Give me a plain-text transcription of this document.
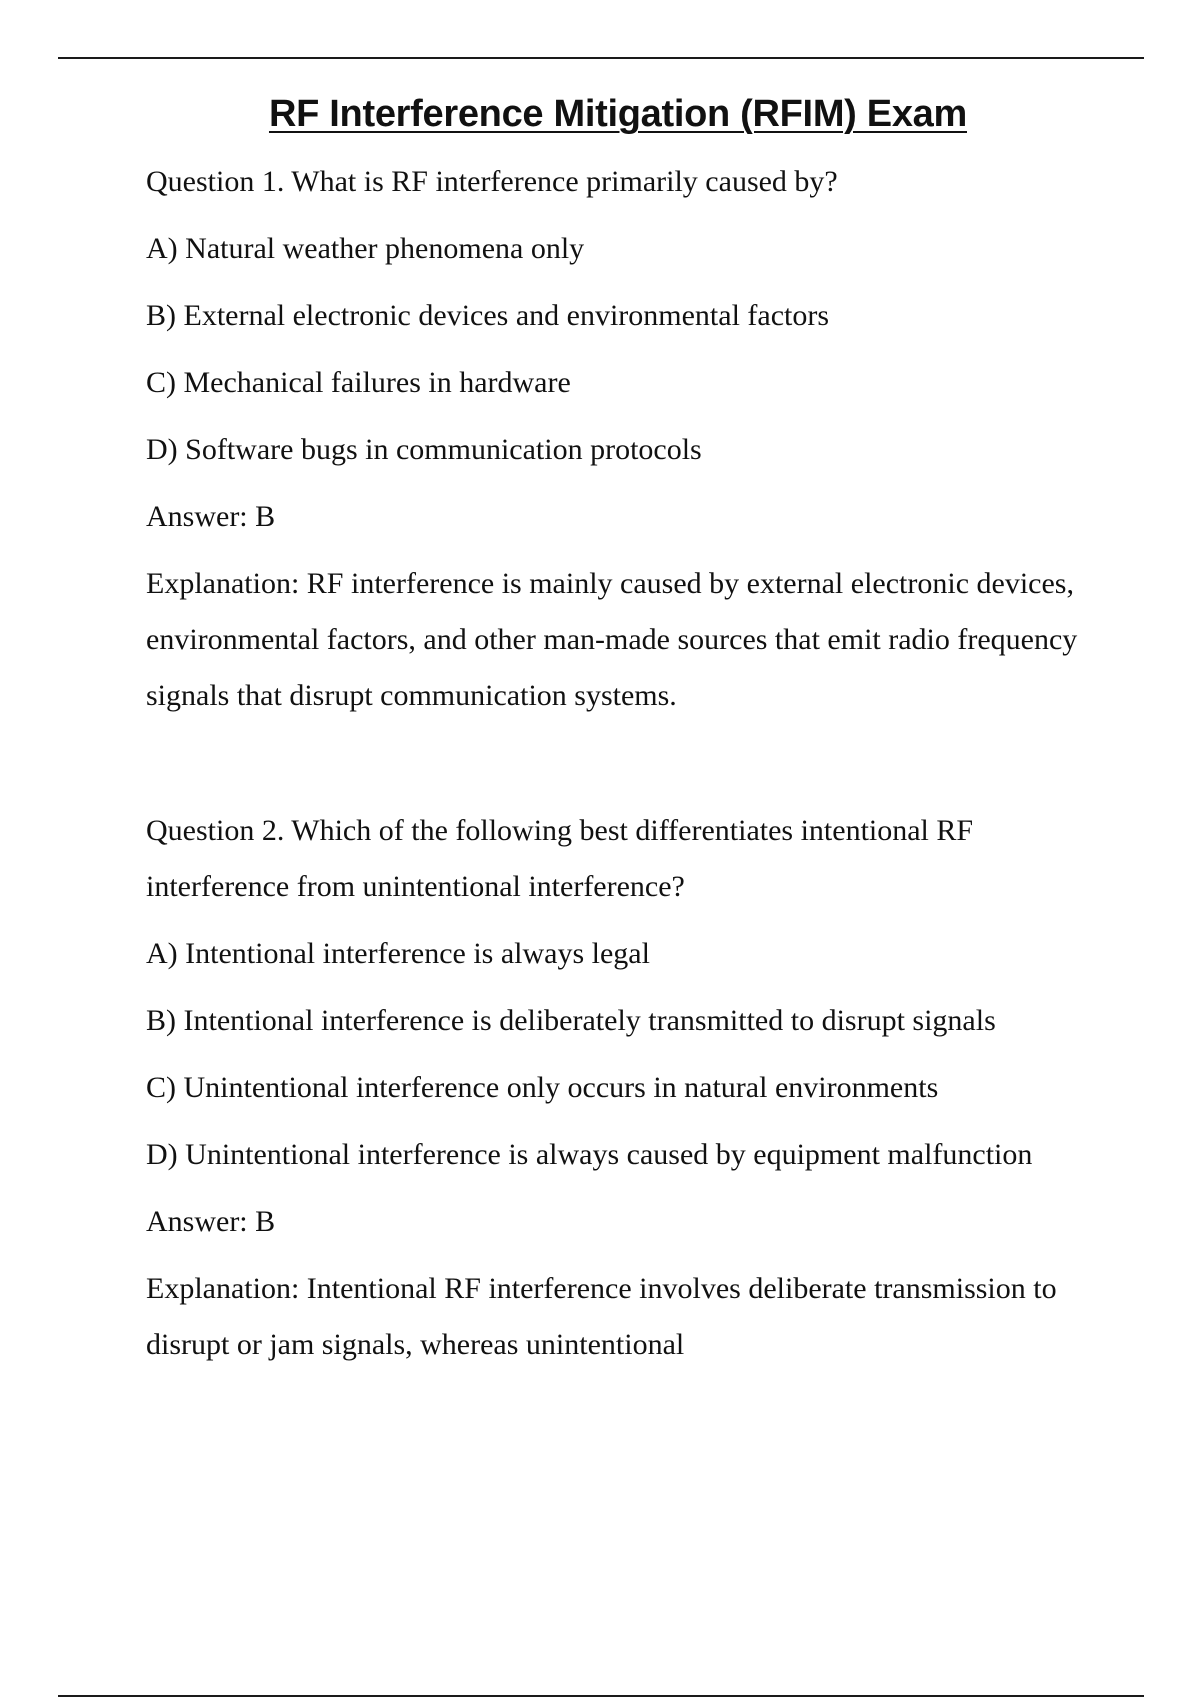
RF Interference Mitigation (RFIM) Exam

Question 1. What is RF interference primarily caused by?

A) Natural weather phenomena only

B) External electronic devices and environmental factors

C) Mechanical failures in hardware

D) Software bugs in communication protocols

Answer: B

Explanation: RF interference is mainly caused by external electronic devices, environmental factors, and other man-made sources that emit radio frequency signals that disrupt communication systems.

Question 2. Which of the following best differentiates intentional RF interference from unintentional interference?

A) Intentional interference is always legal

B) Intentional interference is deliberately transmitted to disrupt signals

C) Unintentional interference only occurs in natural environments

D) Unintentional interference is always caused by equipment malfunction

Answer: B

Explanation: Intentional RF interference involves deliberate transmission to disrupt or jam signals, whereas unintentional
